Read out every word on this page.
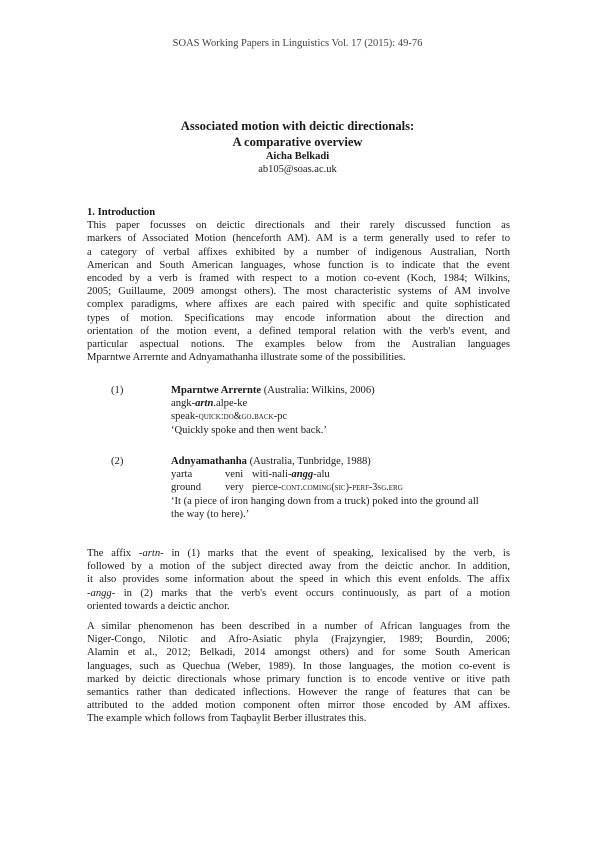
SOAS Working Papers in Linguistics Vol. 17 (2015): 49-76
Associated motion with deictic directionals:
A comparative overview
Aicha Belkadi
ab105@soas.ac.uk
1. Introduction
This paper focusses on deictic directionals and their rarely discussed function as
markers of Associated Motion (henceforth AM). AM is a term generally used to refer to
a category of verbal affixes exhibited by a number of indigenous Australian, North
American and South American languages, whose function is to indicate that the event
encoded by a verb is framed with respect to a motion co-event (Koch, 1984; Wilkins,
2005; Guillaume, 2009 amongst others). The most characteristic systems of AM involve
complex paradigms, where affixes are each paired with specific and quite sophisticated
types of motion. Specifications may encode information about the direction and
orientation of the motion event, a defined temporal relation with the verb's event, and
particular aspectual notions. The examples below from the Australian languages
Mparntwe Arrernte and Adnyamathanha illustrate some of the possibilities.
(1)	Mparntwe Arrernte (Australia: Wilkins, 2006)
angk-artn.alpe-ke
speak-quick:do&go.back-pc
‘Quickly spoke and then went back.’
(2)	Adnyamathanha (Australia, Tunbridge, 1988)
yarta	veni witi-nali-angg-alu
ground very pierce-cont.coming(sic)-perf-3sg.erg
‘It (a piece of iron hanging down from a truck) poked into the ground all
the way (to here).’
The affix -artn- in (1) marks that the event of speaking, lexicalised by the verb, is
followed by a motion of the subject directed away from the deictic anchor. In addition,
it also provides some information about the speed in which this event enfolds. The affix
-angg- in (2) marks that the verb's event occurs continuously, as part of a motion
oriented towards a deictic anchor.
A similar phenomenon has been described in a number of African languages from the
Niger-Congo, Nilotic and Afro-Asiatic phyla (Frajzyngier, 1989; Bourdin, 2006;
Alamin et al., 2012; Belkadi, 2014 amongst others) and for some South American
languages, such as Quechua (Weber, 1989). In those languages, the motion co-event is
marked by deictic directionals whose primary function is to encode ventive or itive path
semantics rather than dedicated inflections. However the range of features that can be
attributed to the added motion component often mirror those encoded by AM affixes.
The example which follows from Taqbaylit Berber illustrates this.
